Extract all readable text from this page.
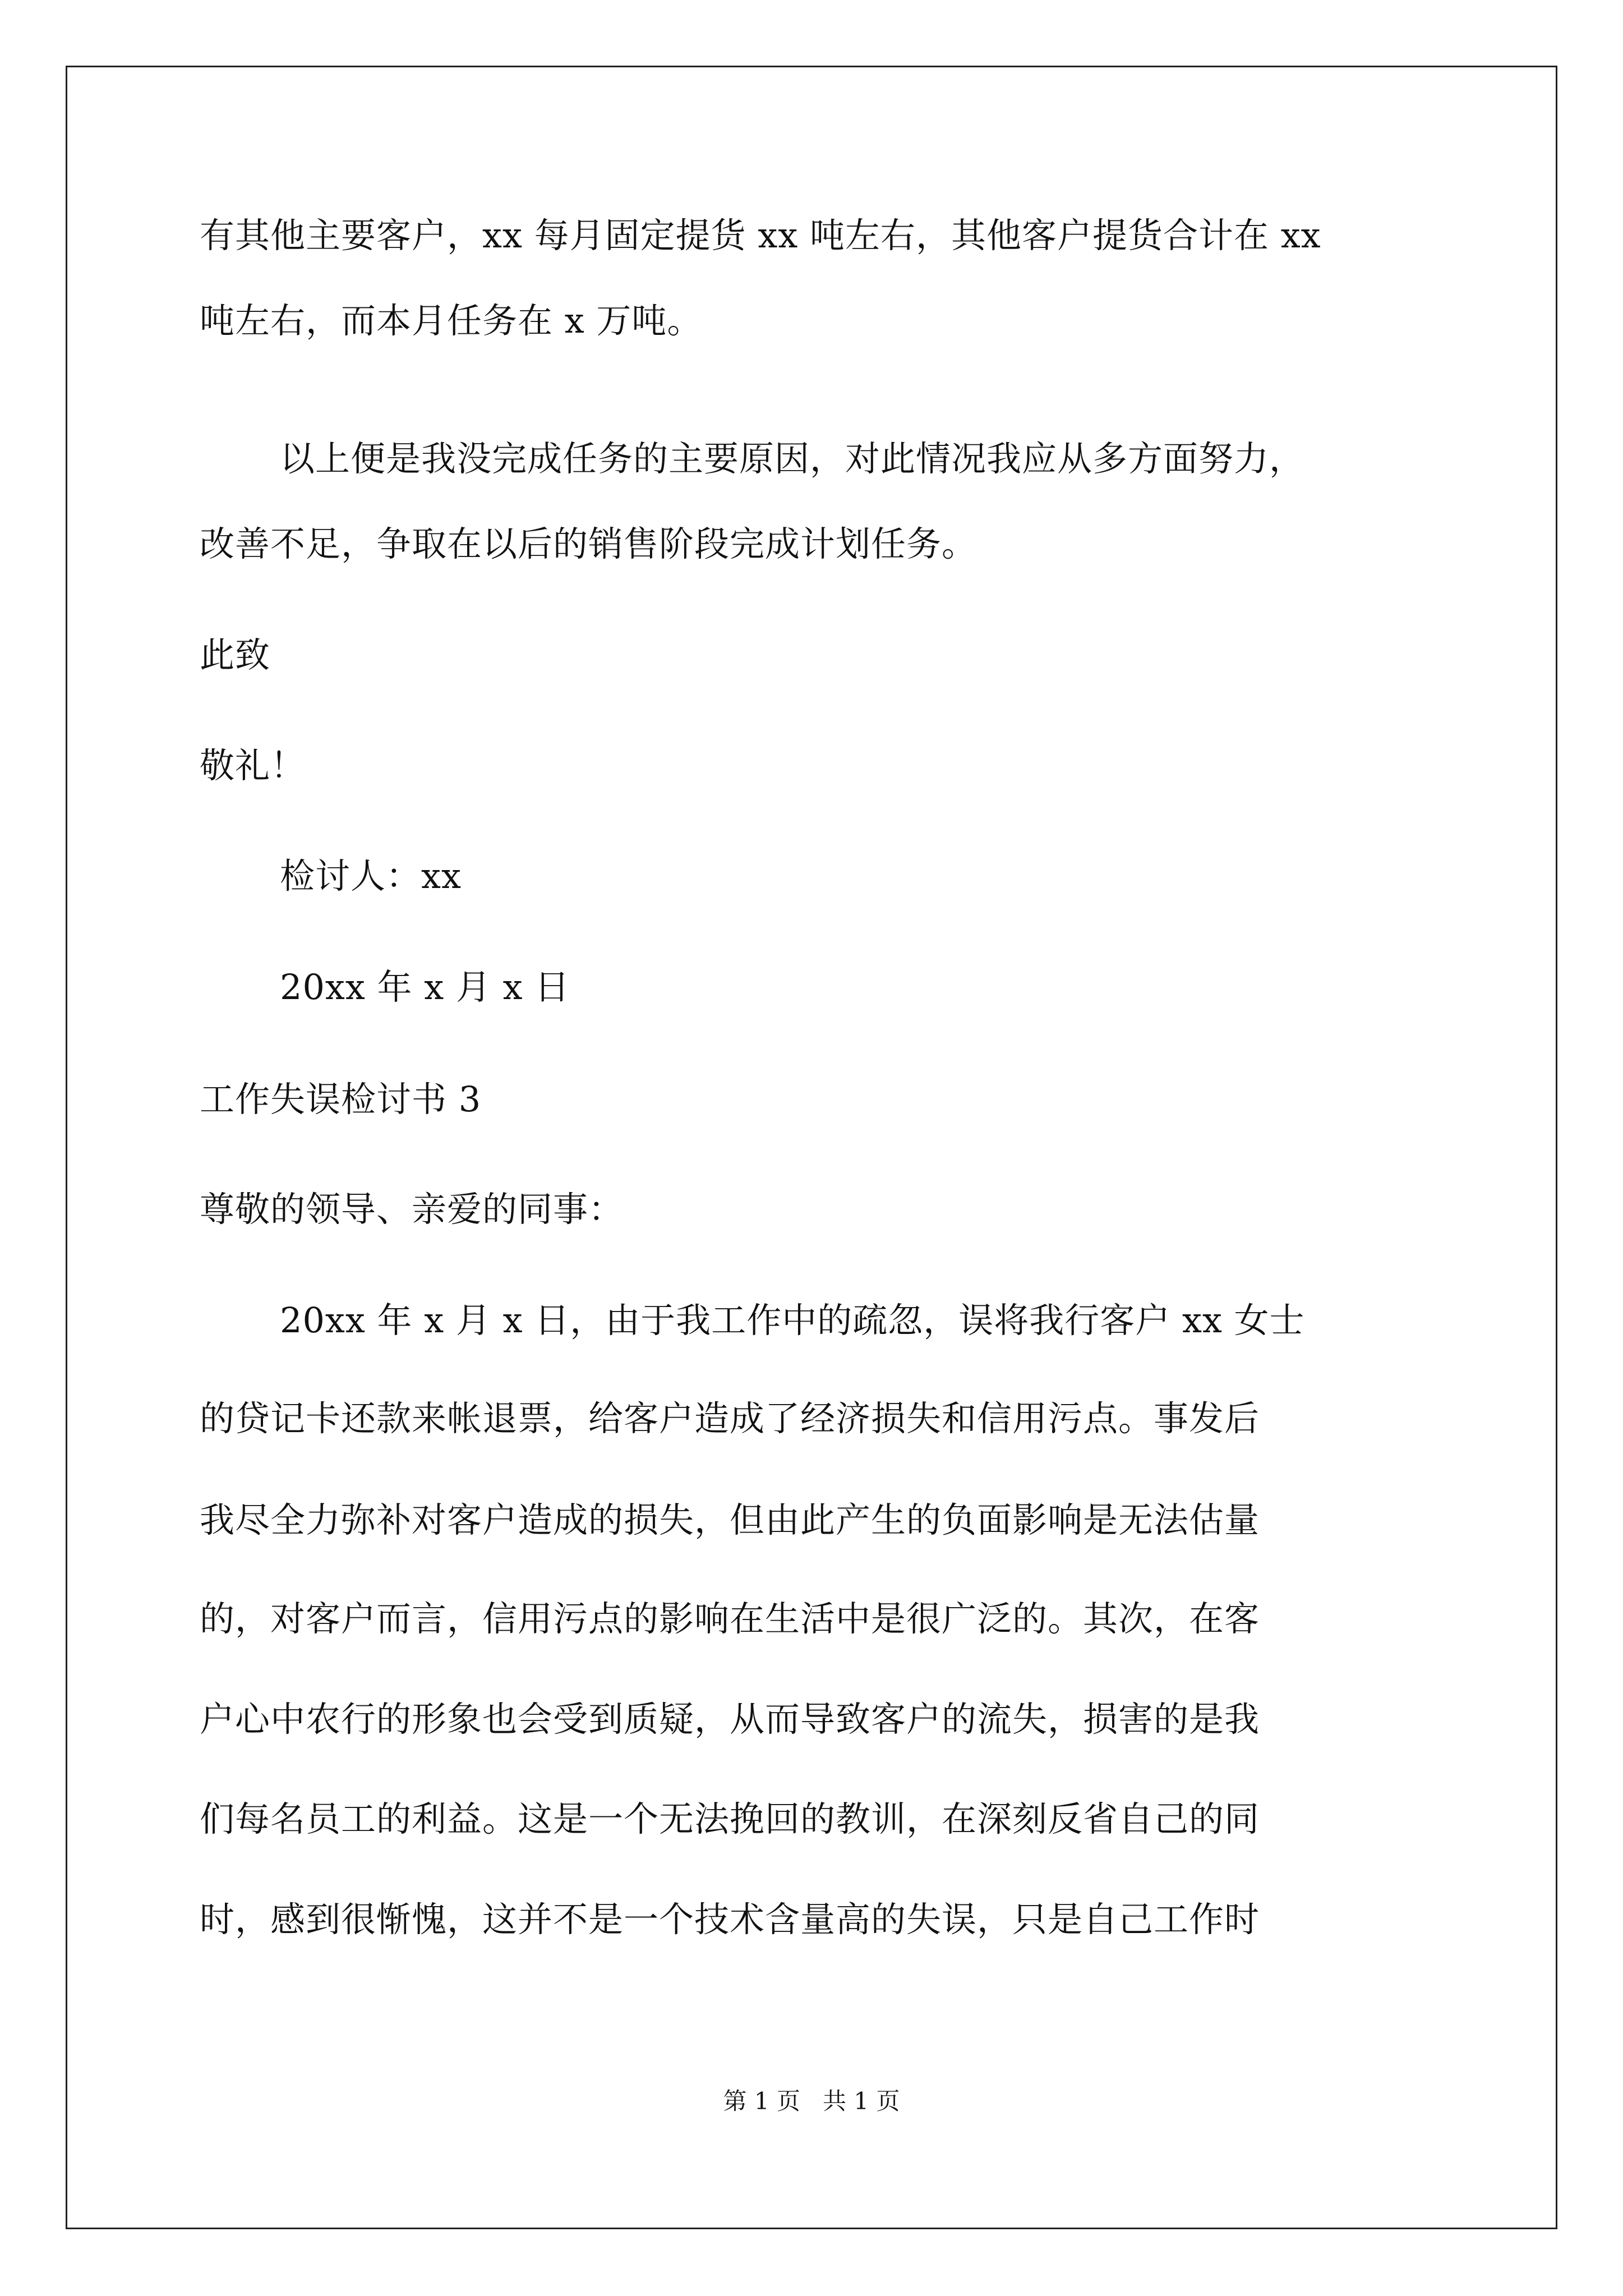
有其他主要客户，xx 每月固定提货 xx 吨左右，其他客户提货合计在 xx
吨左右，而本月任务在 x 万吨。
以上便是我没完成任务的主要原因，对此情况我应从多方面努力，
改善不足，争取在以后的销售阶段完成计划任务。
此致
敬礼！
检讨人：xx
20xx 年 x 月 x 日
工作失误检讨书 3
尊敬的领导、亲爱的同事：
20xx 年 x 月 x 日，由于我工作中的疏忽，误将我行客户 xx 女士
的贷记卡还款来帐退票，给客户造成了经济损失和信用污点。事发后
我尽全力弥补对客户造成的损失，但由此产生的负面影响是无法估量
的，对客户而言，信用污点的影响在生活中是很广泛的。其次，在客
户心中农行的形象也会受到质疑，从而导致客户的流失，损害的是我
们每名员工的利益。这是一个无法挽回的教训，在深刻反省自己的同
时，感到很惭愧，这并不是一个技术含量高的失误，只是自己工作时
第 1 页   共 1 页
